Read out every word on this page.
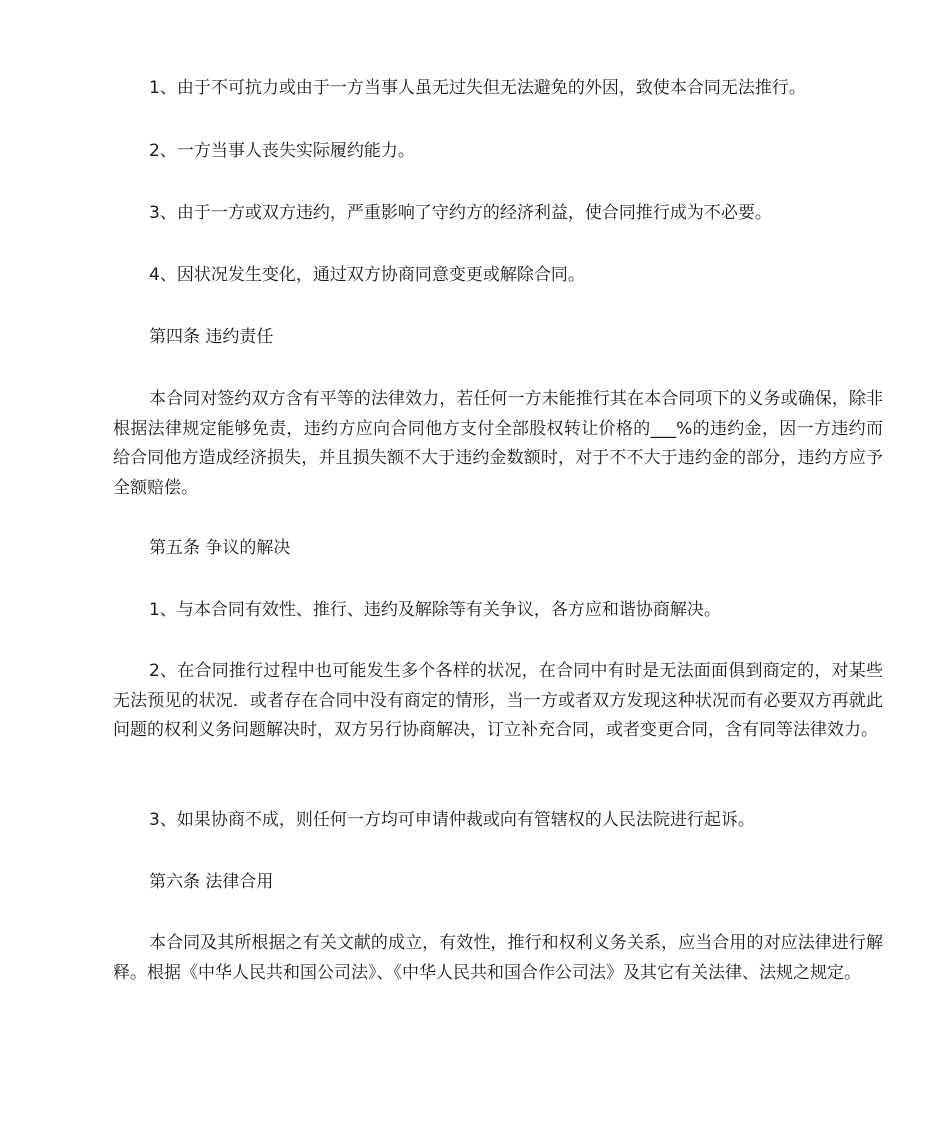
1、由于不可抗力或由于一方当事人虽无过失但无法避免的外因，致使本合同无法推行。

2、一方当事人丧失实际履约能力。

3、由于一方或双方违约，严重影响了守约方的经济利益，使合同推行成为不必要。

4、因状况发生变化，通过双方协商同意变更或解除合同。

第四条 违约责任

本合同对签约双方含有平等的法律效力，若任何一方未能推行其在本合同项下的义务或确保，除非根据法律规定能够免责，违约方应向合同他方支付全部股权转让价格的___%的违约金，因一方违约而给合同他方造成经济损失，并且损失额不大于违约金数额时，对于不不大于违约金的部分，违约方应予全额赔偿。

第五条 争议的解决

1、与本合同有效性、推行、违约及解除等有关争议，各方应和谐协商解决。

2、在合同推行过程中也可能发生多个各样的状况，在合同中有时是无法面面俱到商定的，对某些无法预见的状况．或者存在合同中没有商定的情形，当一方或者双方发现这种状况而有必要双方再就此问题的权利义务问题解决时，双方另行协商解决，订立补充合同，或者变更合同，含有同等法律效力。

3、如果协商不成，则任何一方均可申请仲裁或向有管辖权的人民法院进行起诉。

第六条 法律合用

本合同及其所根据之有关文献的成立，有效性，推行和权利义务关系，应当合用的对应法律进行解释。根据《中华人民共和国公司法》、《中华人民共和国合作公司法》及其它有关法律、法规之规定。
